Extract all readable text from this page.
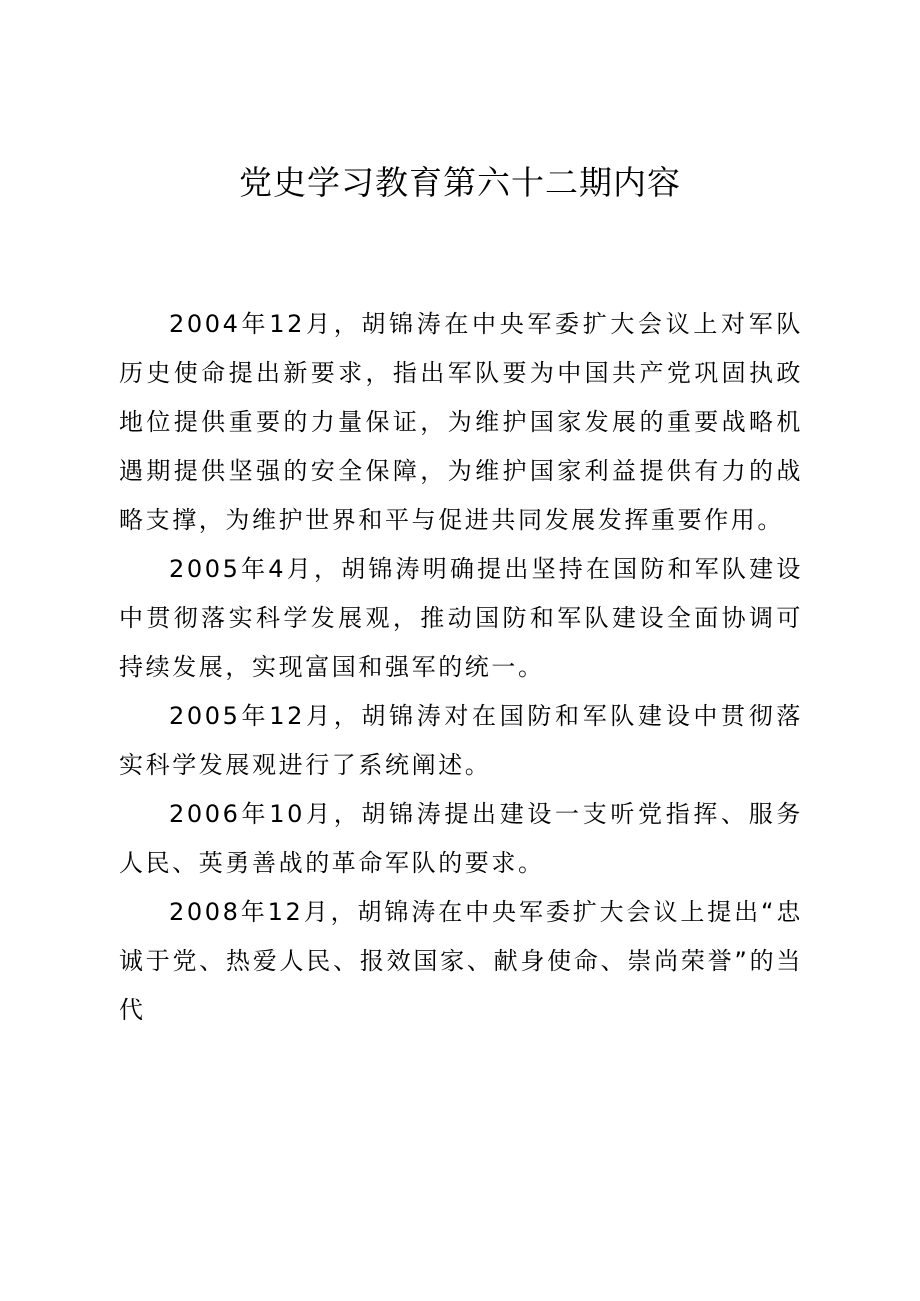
党史学习教育第六十二期内容

2004年12月，胡锦涛在中央军委扩大会议上对军队历史使命提出新要求，指出军队要为中国共产党巩固执政地位提供重要的力量保证，为维护国家发展的重要战略机遇期提供坚强的安全保障，为维护国家利益提供有力的战略支撑，为维护世界和平与促进共同发展发挥重要作用。

2005年4月，胡锦涛明确提出坚持在国防和军队建设中贯彻落实科学发展观，推动国防和军队建设全面协调可持续发展，实现富国和强军的统一。

2005年12月，胡锦涛对在国防和军队建设中贯彻落实科学发展观进行了系统阐述。

2006年10月，胡锦涛提出建设一支听党指挥、服务人民、英勇善战的革命军队的要求。

2008年12月，胡锦涛在中央军委扩大会议上提出“忠诚于党、热爱人民、报效国家、献身使命、崇尚荣誉”的当代
